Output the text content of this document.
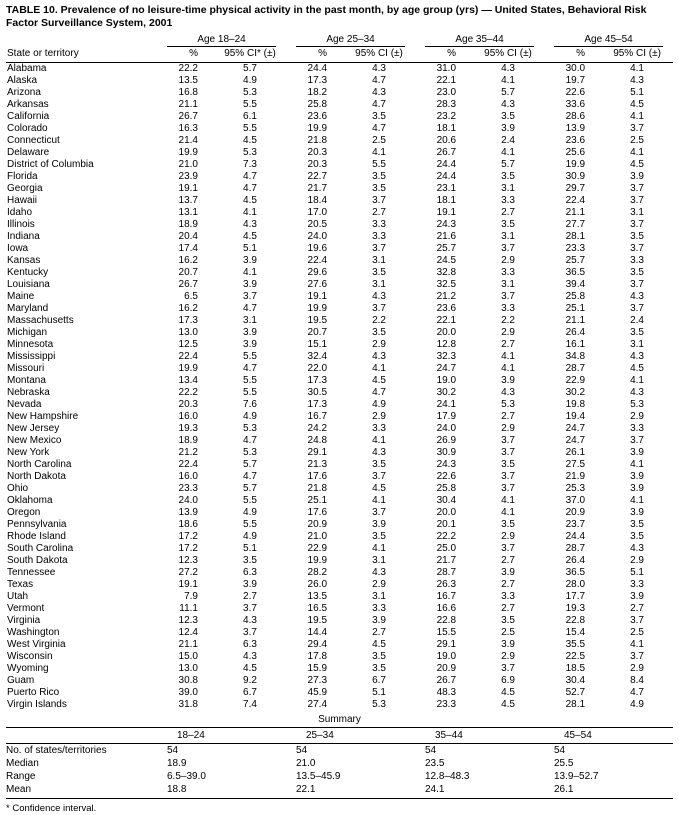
TABLE 10. Prevalence of no leisure-time physical activity in the past month, by age group (yrs) — United States, Behavioral Risk Factor Surveillance System, 2001

	Age 18–24		Age 25–34		Age 35–44		Age 45–54	

State or territory	%	95% CI* (±)	%	95% CI (±)	%	95% CI (±)	%	95% CI (±)
Alabama	22.2	5.7	24.4	4.3	31.0	4.3	30.0	4.1
Alaska	13.5	4.9	17.3	4.7	22.1	4.1	19.7	4.3
Arizona	16.8	5.3	18.2	4.3	23.0	5.7	22.6	5.1
Arkansas	21.1	5.5	25.8	4.7	28.3	4.3	33.6	4.5
California	26.7	6.1	23.6	3.5	23.2	3.5	28.6	4.1
Colorado	16.3	5.5	19.9	4.7	18.1	3.9	13.9	3.7
Connecticut	21.4	4.5	21.8	2.5	20.6	2.4	23.6	2.5
Delaware	19.9	5.3	20.3	4.1	26.7	4.1	25.6	4.1
District of Columbia	21.0	7.3	20.3	5.5	24.4	5.7	19.9	4.5
Florida	23.9	4.7	22.7	3.5	24.4	3.5	30.9	3.9
Georgia	19.1	4.7	21.7	3.5	23.1	3.1	29.7	3.7
Hawaii	13.7	4.5	18.4	3.7	18.1	3.3	22.4	3.7
Idaho	13.1	4.1	17.0	2.7	19.1	2.7	21.1	3.1
Illinois	18.9	4.3	20.5	3.3	24.3	3.5	27.7	3.7
Indiana	20.4	4.5	24.0	3.3	21.6	3.1	28.1	3.5
Iowa	17.4	5.1	19.6	3.7	25.7	3.7	23.3	3.7
Kansas	16.2	3.9	22.4	3.1	24.5	2.9	25.7	3.3
Kentucky	20.7	4.1	29.6	3.5	32.8	3.3	36.5	3.5
Louisiana	26.7	3.9	27.6	3.1	32.5	3.1	39.4	3.7
Maine	6.5	3.7	19.1	4.3	21.2	3.7	25.8	4.3
Maryland	16.2	4.7	19.9	3.7	23.6	3.3	25.1	3.7
Massachusetts	17.3	3.1	19.5	2.2	22.1	2.2	21.1	2.4
Michigan	13.0	3.9	20.7	3.5	20.0	2.9	26.4	3.5
Minnesota	12.5	3.9	15.1	2.9	12.8	2.7	16.1	3.1
Mississippi	22.4	5.5	32.4	4.3	32.3	4.1	34.8	4.3
Missouri	19.9	4.7	22.0	4.1	24.7	4.1	28.7	4.5
Montana	13.4	5.5	17.3	4.5	19.0	3.9	22.9	4.1
Nebraska	22.2	5.5	30.5	4.7	30.2	4.3	30.2	4.3
Nevada	20.3	7.6	17.3	4.9	24.1	5.3	19.8	5.3
New Hampshire	16.0	4.9	16.7	2.9	17.9	2.7	19.4	2.9
New Jersey	19.3	5.3	24.2	3.3	24.0	2.9	24.7	3.3
New Mexico	18.9	4.7	24.8	4.1	26.9	3.7	24.7	3.7
New York	21.2	5.3	29.1	4.3	30.9	3.7	26.1	3.9
North Carolina	22.4	5.7	21.3	3.5	24.3	3.5	27.5	4.1
North Dakota	16.0	4.7	17.6	3.7	22.6	3.7	21.9	3.9
Ohio	23.3	5.7	21.8	4.5	25.8	3.7	25.3	3.9
Oklahoma	24.0	5.5	25.1	4.1	30.4	4.1	37.0	4.1
Oregon	13.9	4.9	17.6	3.7	20.0	4.1	20.9	3.9
Pennsylvania	18.6	5.5	20.9	3.9	20.1	3.5	23.7	3.5
Rhode Island	17.2	4.9	21.0	3.5	22.2	2.9	24.4	3.5
South Carolina	17.2	5.1	22.9	4.1	25.0	3.7	28.7	4.3
South Dakota	12.3	3.5	19.9	3.1	21.7	2.7	26.4	2.9
Tennessee	27.2	6.3	28.2	4.3	28.7	3.9	36.5	5.1
Texas	19.1	3.9	26.0	2.9	26.3	2.7	28.0	3.3
Utah	7.9	2.7	13.5	3.1	16.7	3.3	17.7	3.9
Vermont	11.1	3.7	16.5	3.3	16.6	2.7	19.3	2.7
Virginia	12.3	4.3	19.5	3.9	22.8	3.5	22.8	3.7
Washington	12.4	3.7	14.4	2.7	15.5	2.5	15.4	2.5
West Virginia	21.1	6.3	29.4	4.5	29.1	3.9	35.5	4.1
Wisconsin	15.0	4.3	17.8	3.5	19.0	2.9	22.5	3.7
Wyoming	13.0	4.5	15.9	3.5	20.9	3.7	18.5	2.9
Guam	30.8	9.2	27.3	6.7	26.7	6.9	30.4	8.4
Puerto Rico	39.0	6.7	45.9	5.1	48.3	4.5	52.7	4.7
Virgin Islands	31.8	7.4	27.4	5.3	23.3	4.5	28.1	4.9
Summary
	18–24	25–34	35–44	45–54
No. of states/territories	54	54	54	54
Median	18.9	21.0	23.5	25.5
Range	6.5–39.0	13.5–45.9	12.8–48.3	13.9–52.7
Mean	18.8	22.1	24.1	26.1
* Confidence interval.
